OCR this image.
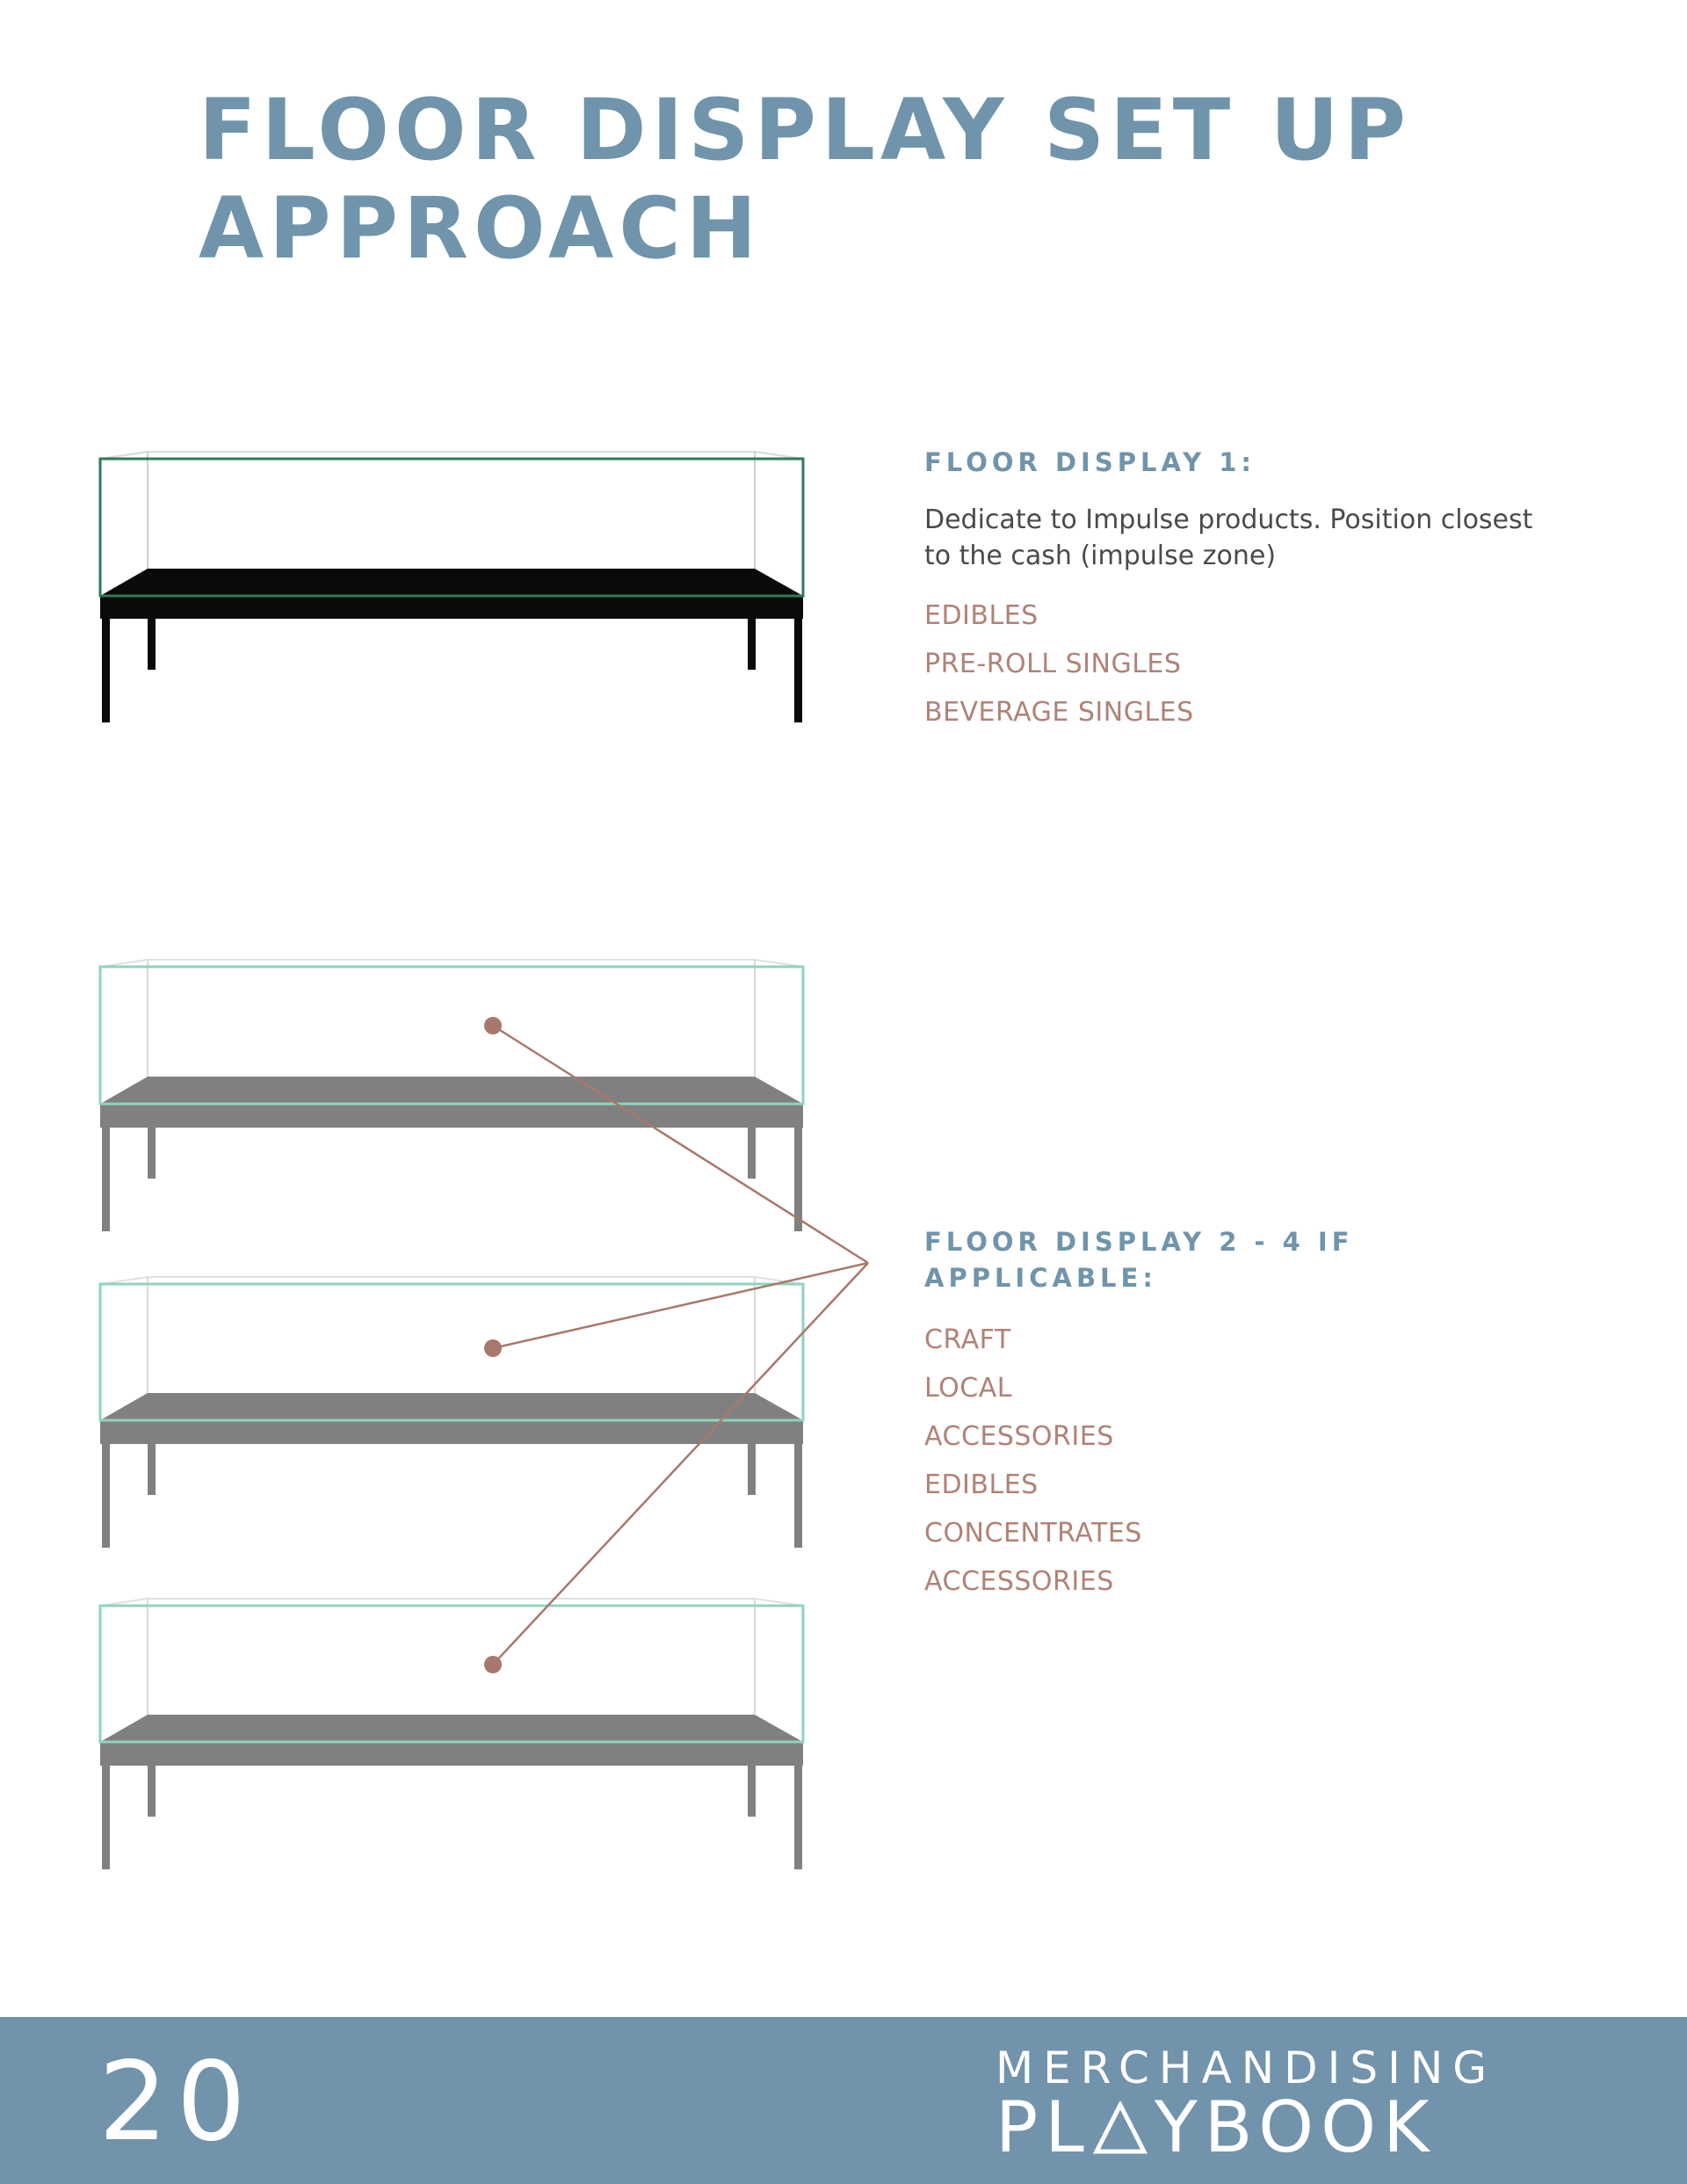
FLOOR DISPLAY SET UP
APPROACH
FLOOR DISPLAY 1:

Dedicate to Impulse products. Position closest to the cash (impulse zone)

EDIBLES
PRE-ROLL SINGLES
BEVERAGE SINGLES
FLOOR DISPLAY 2 - 4 IF APPLICABLE:
CRAFT
LOCAL
ACCESSORIES
EDIBLES
CONCENTRATES
ACCESSORIES
20	MERCHANDISING
PL YBOOK
